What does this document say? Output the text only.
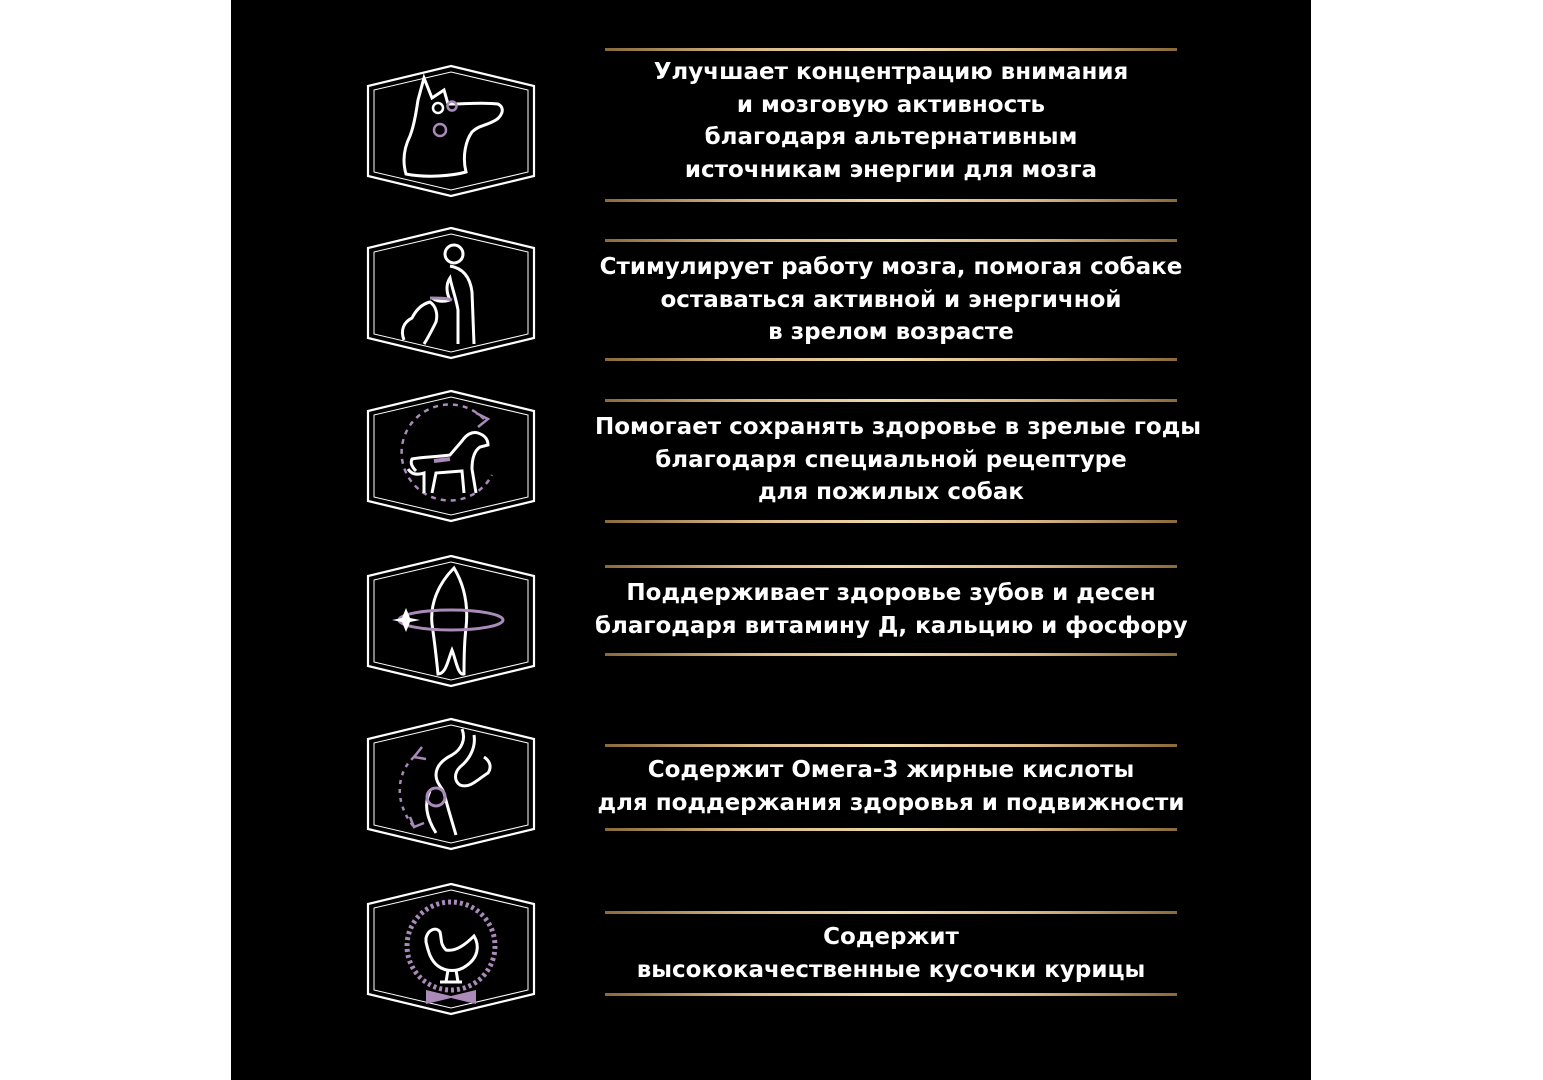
Улучшает концентрацию внимания
и мозговую активность
благодаря альтернативным
источникам энергии для мозга
Стимулирует работу мозга, помогая собаке
оставаться активной и энергичной
в зрелом возрасте
Помогает сохранять здоровье в зрелые годы
благодаря специальной рецептуре
для пожилых собак
Поддерживает здоровье зубов и десен
благодаря витамину Д, кальцию и фосфору
Содержит Омега-3 жирные кислоты
для поддержания здоровья и подвижности
Содержит
высококачественные кусочки курицы
